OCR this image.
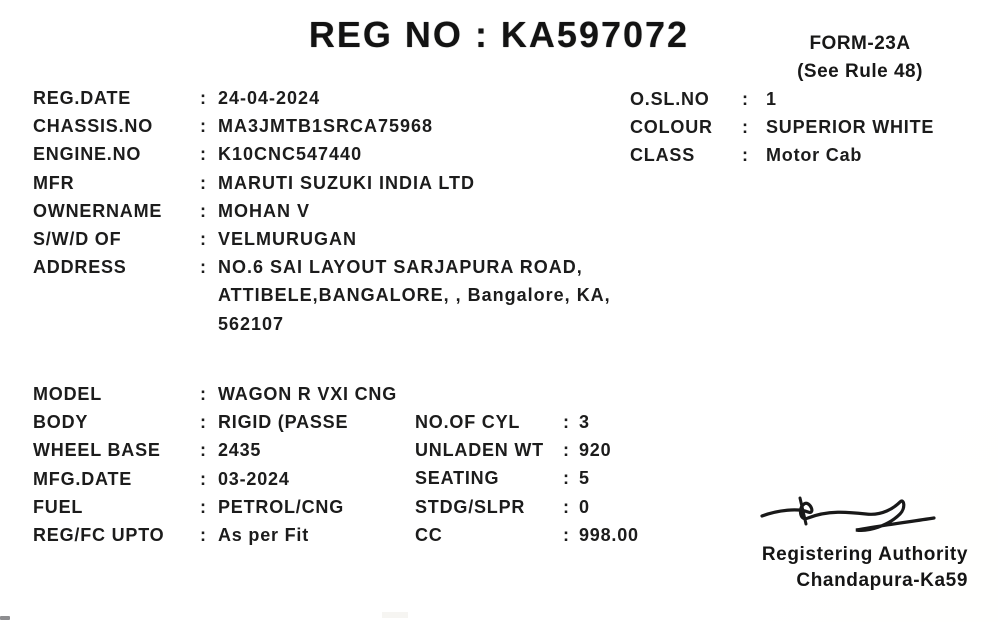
REG NO : KA597072	FORM-23A
(See Rule 48)
REG.DATE	: 24-04-2024
CHASSIS.NO	: MA3JMTB1SRCA75968
ENGINE.NO	: K10CNC547440
MFR	: MARUTI SUZUKI INDIA LTD
OWNERNAME	: MOHAN V
S/W/D OF	: VELMURUGAN
ADDRESS	: NO.6 SAI LAYOUT SARJAPURA ROAD,
ATTIBELE,BANGALORE, , Bangalore, KA,
562107
O.SL.NO	: 1
COLOUR	: SUPERIOR WHITE
CLASS	: Motor Cab
MODEL	: WAGON R VXI CNG
BODY	: RIGID (PASSE
WHEEL BASE	: 2435
MFG.DATE	: 03-2024
FUEL	: PETROL/CNG
REG/FC UPTO	: As per Fit
NO.OF CYL	: 3
UNLADEN WT	: 920
SEATING	: 5
STDG/SLPR	: 0
CC	: 998.00
Registering Authority
Chandapura-Ka59
